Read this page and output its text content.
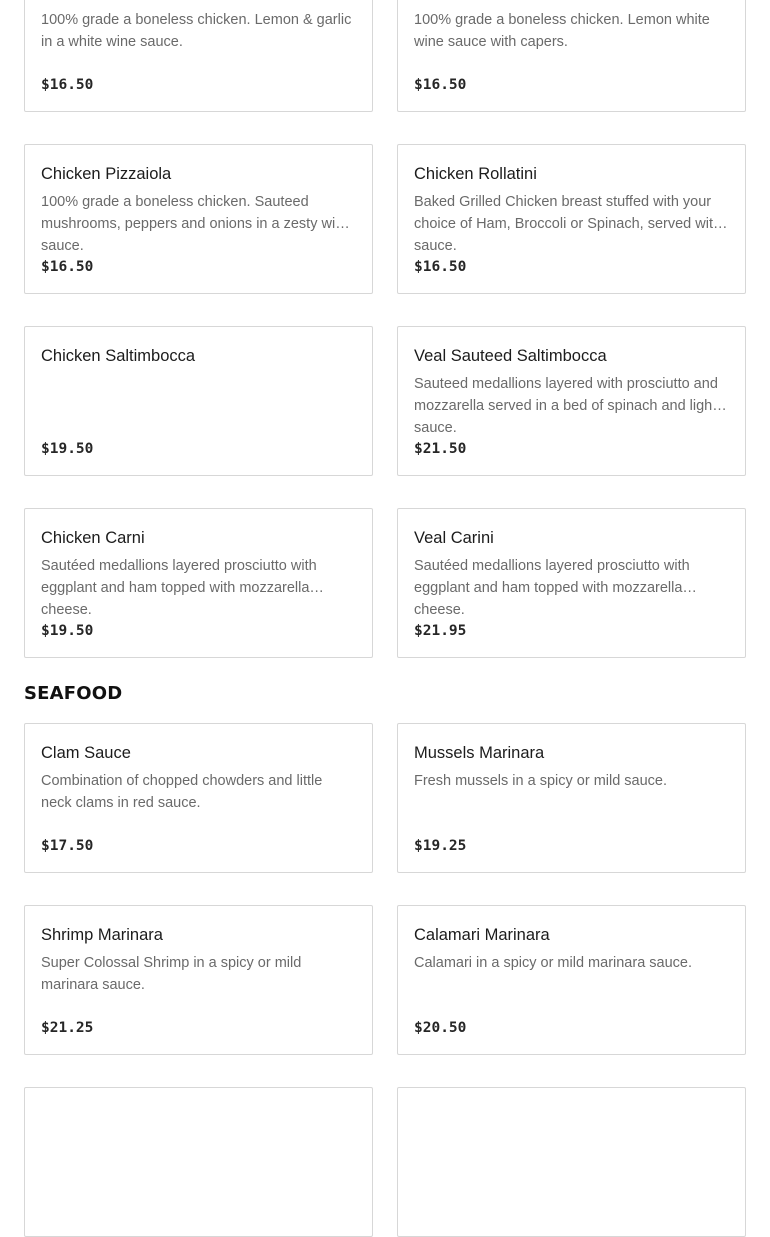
100% grade a boneless chicken. Lemon & garlic in a white wine sauce.

$16.50

100% grade a boneless chicken. Lemon white wine sauce with capers.

$16.50
Chicken Pizzaiola

100% grade a boneless chicken. Sauteed mushrooms, peppers and onions in a zesty wine sauce.

$16.50
Chicken Rollatini

Baked Grilled Chicken breast stuffed with your choice of Ham, Broccoli or Spinach, served with sauce.

$16.50
Chicken Saltimbocca

$19.50
Veal Sauteed Saltimbocca

Sauteed medallions layered with prosciutto and mozzarella served in a bed of spinach and light sauce.

$21.50
Chicken Carni

Sautéed medallions layered prosciutto with eggplant and ham topped with mozzarella cheese.

$19.50
Veal Carini

Sautéed medallions layered prosciutto with eggplant and ham topped with mozzarella cheese.

$21.95
SEAFOOD
Clam Sauce

Combination of chopped chowders and little neck clams in red sauce.

$17.50
Mussels Marinara

Fresh mussels in a spicy or mild sauce.

$19.25
Shrimp Marinara

Super Colossal Shrimp in a spicy or mild marinara sauce.

$21.25
Calamari Marinara

Calamari in a spicy or mild marinara sauce.

$20.50
